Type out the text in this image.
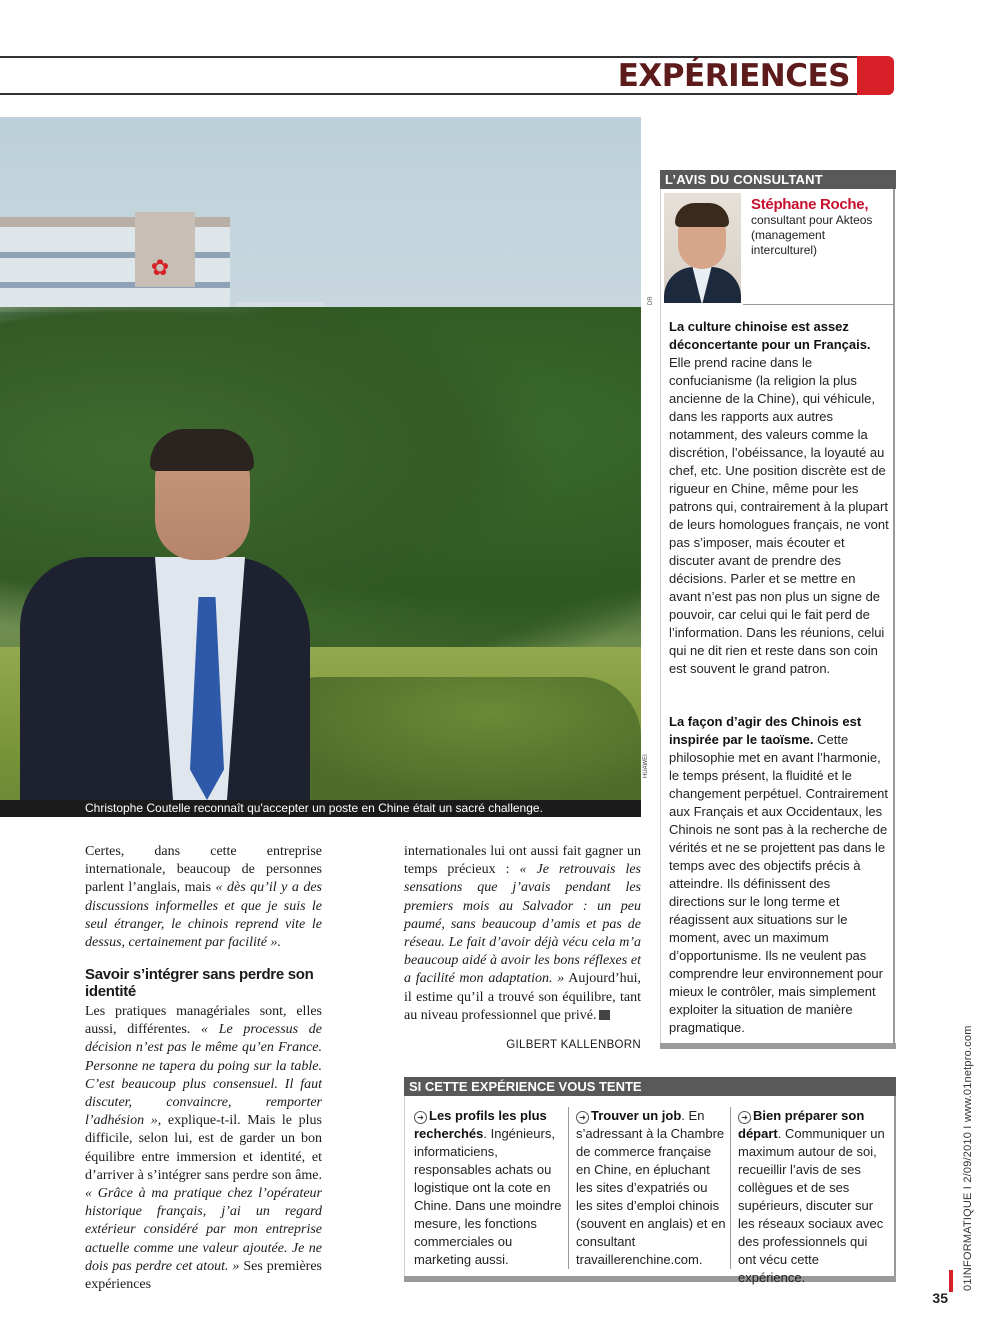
EXPÉRIENCES
✿
HUAWEI
Christophe Coutelle reconnaît qu'accepter un poste en Chine était un sacré challenge.
Certes, dans cette entreprise internationale, beaucoup de personnes parlent l’anglais, mais « dès qu’il y a des discussions informelles et que je suis le seul étranger, le chinois reprend vite le dessus, certainement par facilité ».
Savoir s’intégrer sans perdre son identité
Les pratiques managériales sont, elles aussi, différentes. « Le processus de décision n’est pas le même qu’en France. Personne ne tapera du poing sur la table. C’est beaucoup plus consensuel. Il faut discuter, convaincre, remporter l’adhésion », explique-t-il. Mais le plus difficile, selon lui, est de garder un bon équilibre entre immersion et identité, et d’arriver à s’intégrer sans perdre son âme. « Grâce à ma pratique chez l’opérateur historique français, j’ai un regard extérieur considéré par mon entreprise actuelle comme une valeur ajoutée. Je ne dois pas perdre cet atout. » Ses premières expériences
internationales lui ont aussi fait gagner un temps précieux : « Je retrouvais les sensations que j’avais pendant les premiers mois au Salvador : un peu paumé, sans beaucoup d’amis et pas de réseau. Le fait d’avoir déjà vécu cela m’a beaucoup aidé à avoir les bons réflexes et a facilité mon adaptation. » Aujourd’hui, il estime qu’il a trouvé son équilibre, tant au niveau professionnel que privé.
GILBERT KALLENBORN
L’AVIS DU CONSULTANT
DR
Stéphane Roche,
consultant pour Akteos (management interculturel)
La culture chinoise est assez déconcertante pour un Français. Elle prend racine dans le confucianisme (la religion la plus ancienne de la Chine), qui véhicule, dans les rapports aux autres notamment, des valeurs comme la discrétion, l’obéissance, la loyauté au chef, etc. Une position discrète est de rigueur en Chine, même pour les patrons qui, contrairement à la plupart de leurs homologues français, ne vont pas s’imposer, mais écouter et discuter avant de prendre des décisions. Parler et se mettre en avant n’est pas non plus un signe de pouvoir, car celui qui le fait perd de l’information. Dans les réunions, celui qui ne dit rien et reste dans son coin est souvent le grand patron.
La façon d’agir des Chinois est inspirée par le taoïsme. Cette philosophie met en avant l’harmonie, le temps présent, la fluidité et le changement perpétuel. Contrairement aux Français et aux Occidentaux, les Chinois ne sont pas à la recherche de vérités et ne se projettent pas dans le temps avec des objectifs précis à atteindre. Ils définissent des directions sur le long terme et réagissent aux situations sur le moment, avec un maximum d’opportunisme. Ils ne veulent pas comprendre leur environnement pour mieux le contrôler, mais simplement exploiter la situation de manière pragmatique.
SI CETTE EXPÉRIENCE VOUS TENTE
➜ Les profils les plus recherchés. Ingénieurs, informaticiens, responsables achats ou logistique ont la cote en Chine. Dans une moindre mesure, les fonctions commerciales ou marketing aussi.
➜ Trouver un job. En s’adressant à la Chambre de commerce française en Chine, en épluchant les sites d’expatriés ou les sites d’emploi chinois (souvent en anglais) et en consultant travaillerenchine.com.
➜ Bien préparer son départ. Communiquer un maximum autour de soi, recueillir l’avis de ses collègues et de ses supérieurs, discuter sur les réseaux sociaux avec des professionnels qui ont vécu cette expérience.	01INFORMATIQUE I 2/09/2010 I www.01netpro.com
35
